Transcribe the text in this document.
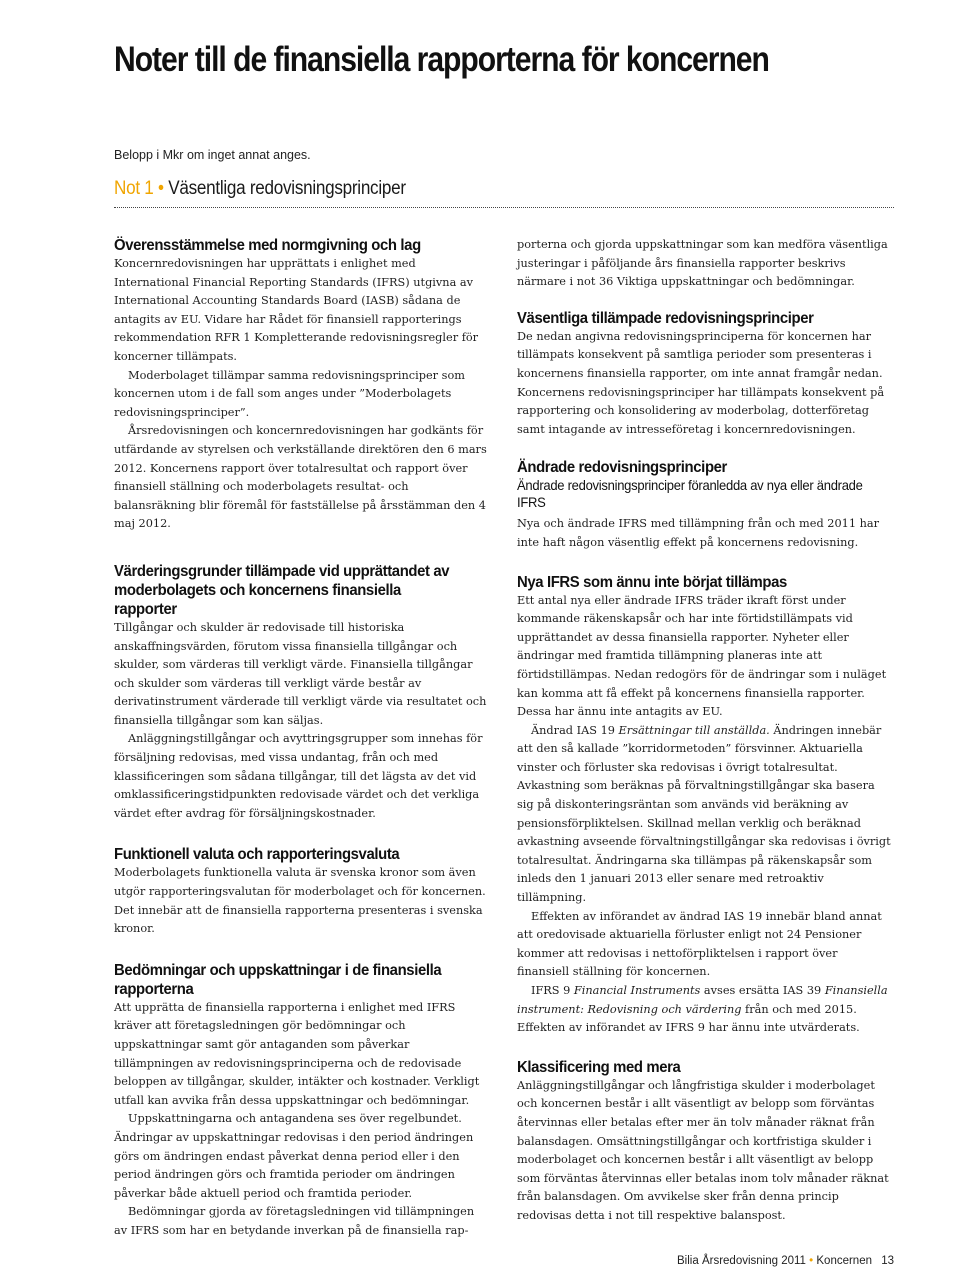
Noter till de finansiella rapporterna för koncernen
Belopp i Mkr om inget annat anges.
Not 1 • Väsentliga redovisningsprinciper
Överensstämmelse med normgivning och lag

Koncernredovisningen har upprättats i enlighet med International Financial Reporting Standards (IFRS) utgivna av International Accounting Standards Board (IASB) sådana de antagits av EU. Vidare har Rådet för finansiell rapporterings rekommendation RFR 1 Kompletterande redovisningsregler för koncerner tillämpats.

Moderbolaget tillämpar samma redovisningsprinciper som koncernen utom i de fall som anges under ”Moderbolagets redovisningsprinciper”.

Årsredovisningen och koncernredovisningen har godkänts för utfärdande av styrelsen och verkställande direktören den 6 mars 2012. Koncernens rapport över totalresultat och rapport över finansiell ställning och moderbolagets resultat- och balansräkning blir föremål för fastställelse på årsstämman den 4 maj 2012.

Värderingsgrunder tillämpade vid upprättandet av moderbolagets och koncernens finansiella rapporter

Tillgångar och skulder är redovisade till historiska anskaffningsvärden, förutom vissa finansiella tillgångar och skulder, som värderas till verkligt värde. Finansiella tillgångar och skulder som värderas till verkligt värde består av derivatinstrument värderade till verkligt värde via resultatet och finansiella tillgångar som kan säljas.

Anläggningstillgångar och avyttringsgrupper som innehas för försäljning redovisas, med vissa undantag, från och med klassificeringen som sådana tillgångar, till det lägsta av det vid omklassificeringstidpunkten redovisade värdet och det verkliga värdet efter avdrag för försäljningskostnader.

Funktionell valuta och rapporteringsvaluta

Moderbolagets funktionella valuta är svenska kronor som även utgör rapporteringsvalutan för moderbolaget och för koncernen. Det innebär att de finansiella rapporterna presenteras i svenska kronor.

Bedömningar och uppskattningar i de finansiella rapporterna

Att upprätta de finansiella rapporterna i enlighet med IFRS kräver att företagsledningen gör bedömningar och uppskattningar samt gör antaganden som påverkar tillämpningen av redovisningsprinciperna och de redovisade beloppen av tillgångar, skulder, intäkter och kostnader. Verkligt utfall kan avvika från dessa uppskattningar och bedömningar.

Uppskattningarna och antagandena ses över regelbundet. Ändringar av uppskattningar redovisas i den period ändringen görs om ändringen endast påverkat denna period eller i den period ändringen görs och framtida perioder om ändringen påverkar både aktuell period och framtida perioder.

Bedömningar gjorda av företagsledningen vid tillämpningen av IFRS som har en betydande inverkan på de finansiella rap-

porterna och gjorda uppskattningar som kan medföra väsentliga justeringar i påföljande års finansiella rapporter beskrivs närmare i not 36 Viktiga uppskattningar och bedömningar.

Väsentliga tillämpade redovisningsprinciper

De nedan angivna redovisningsprinciperna för koncernen har tillämpats konsekvent på samtliga perioder som presenteras i koncernens finansiella rapporter, om inte annat framgår nedan. Koncernens redovisningsprinciper har tillämpats konsekvent på rapportering och konsolidering av moderbolag, dotterföretag samt intagande av intresseföretag i koncernredovisningen.

Ändrade redovisningsprinciper
Ändrade redovisningsprinciper föranledda av nya eller ändrade IFRS

Nya och ändrade IFRS med tillämpning från och med 2011 har inte haft någon väsentlig effekt på koncernens redovisning.

Nya IFRS som ännu inte börjat tillämpas

Ett antal nya eller ändrade IFRS träder ikraft först under kommande räkenskapsår och har inte förtidstillämpats vid upprättandet av dessa finansiella rapporter. Nyheter eller ändringar med framtida tillämpning planeras inte att förtidstillämpas. Nedan redogörs för de ändringar som i nuläget kan komma att få effekt på koncernens finansiella rapporter. Dessa har ännu inte antagits av EU.

Ändrad IAS 19 Ersättningar till anställda. Ändringen innebär att den så kallade ”korridormetoden” försvinner. Aktuariella vinster och förluster ska redovisas i övrigt totalresultat. Avkastning som beräknas på förvaltningstillgångar ska basera sig på diskonteringsräntan som används vid beräkning av pensionsförpliktelsen. Skillnad mellan verklig och beräknad avkastning avseende förvaltningstillgångar ska redovisas i övrigt totalresultat. Ändringarna ska tillämpas på räkenskapsår som inleds den 1 januari 2013 eller senare med retroaktiv tillämpning.

Effekten av införandet av ändrad IAS 19 innebär bland annat att oredovisade aktuariella förluster enligt not 24 Pensioner kommer att redovisas i nettoförpliktelsen i rapport över finansiell ställning för koncernen.

IFRS 9 Financial Instruments avses ersätta IAS 39 Finansiella instrument: Redovisning och värdering från och med 2015. Effekten av införandet av IFRS 9 har ännu inte utvärderats.

Klassificering med mera

Anläggningstillgångar och långfristiga skulder i moderbolaget och koncernen består i allt väsentligt av belopp som förväntas återvinnas eller betalas efter mer än tolv månader räknat från balansdagen. Omsättningstillgångar och kortfristiga skulder i moderbolaget och koncernen består i allt väsentligt av belopp som förväntas återvinnas eller betalas inom tolv månader räknat från balansdagen. Om avvikelse sker från denna princip redovisas detta i not till respektive balanspost.

Bilia Årsredovisning 2011 • Koncernen 13
